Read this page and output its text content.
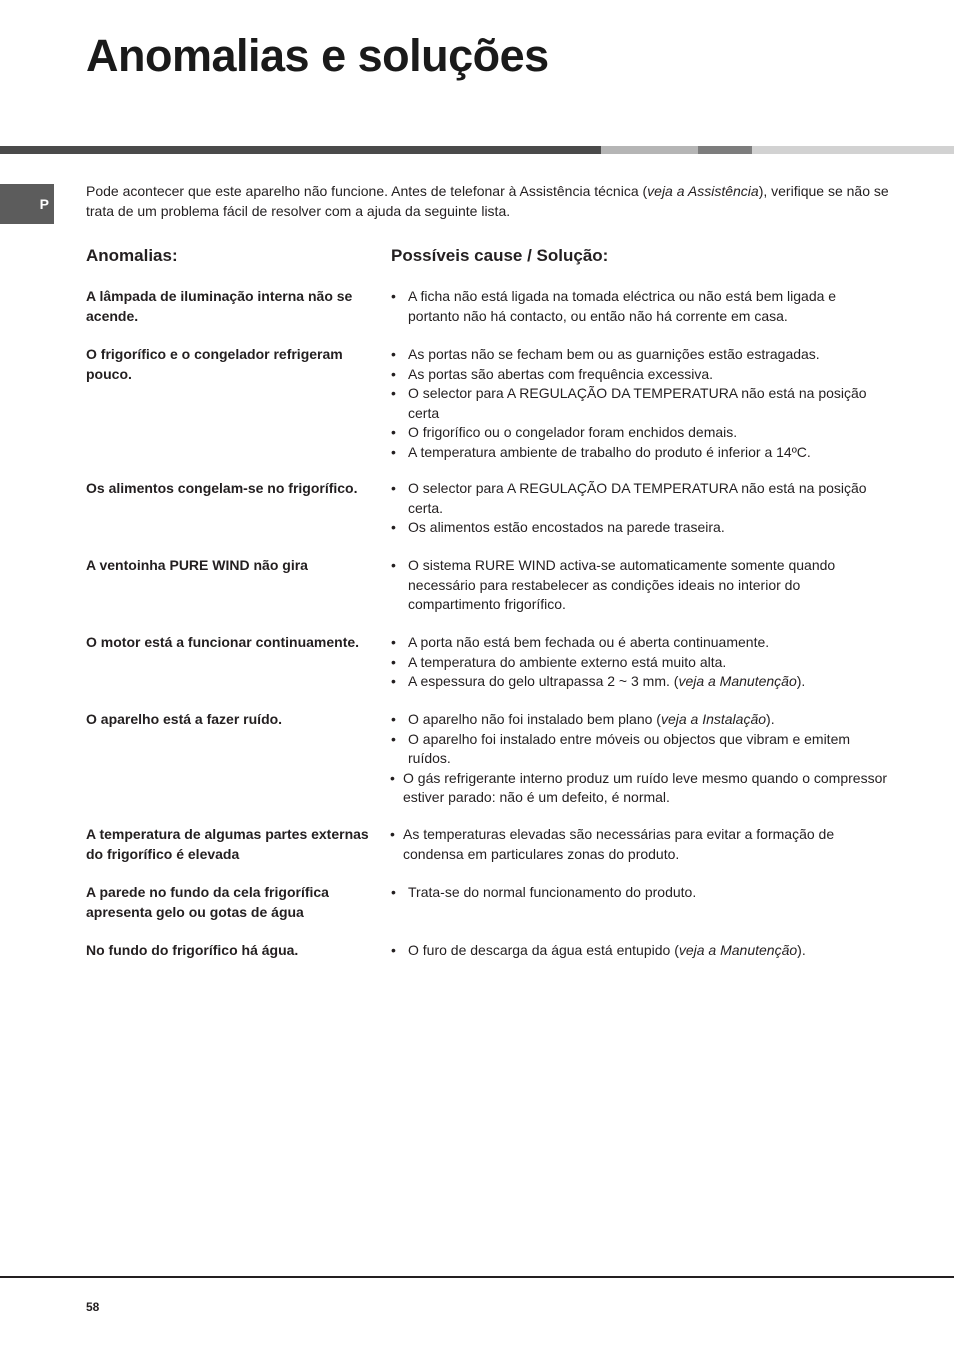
Anomalias e soluções
P

Pode acontecer que este aparelho não funcione. Antes de telefonar à Assistência técnica (veja a Assistência), verifique se não se trata de um problema fácil de resolver com a ajuda da seguinte lista.

Anomalias:	Possíveis cause / Solução:
A lâmpada de iluminação interna não se acende.
• A ficha não está ligada na tomada eléctrica ou não está bem ligada e portanto não há contacto, ou então não há corrente em casa.
O frigorífico e o congelador refrigeram pouco.
• As portas não se fecham bem ou as guarnições estão estragadas.
• As portas são abertas com frequência excessiva.
• O selector para A REGULAÇÃO DA TEMPERATURA não está na posição certa
• O frigorífico ou o congelador foram enchidos demais.
• A temperatura ambiente de trabalho do produto é inferior a 14ºC.
Os alimentos congelam-se no frigorífico.	• O selector para A REGULAÇÃO DA TEMPERATURA não está na posição certa.
• Os alimentos estão encostados na parede traseira.
A ventoinha PURE WIND não gira	• O sistema RURE WIND activa-se automaticamente somente quando necessário para restabelecer as condições ideais no interior do compartimento frigorífico.
O motor está a funcionar continuamente.	• A porta não está bem fechada ou é aberta continuamente.
• A temperatura do ambiente externo está muito alta.
• A espessura do gelo ultrapassa 2 ~ 3 mm. (veja a Manutenção).
O aparelho está a fazer ruído.	• O aparelho não foi instalado bem plano (veja a Instalação).
• O aparelho foi instalado entre móveis ou objectos que vibram e emitem ruídos.
• O gás refrigerante interno produz um ruído leve mesmo quando o compressor estiver parado: não é um defeito, é normal.
A temperatura de algumas partes externas do frigorífico é elevada
• As temperaturas elevadas são necessárias para evitar a formação de condensa em particulares zonas do produto.
A parede no fundo da cela frigorífica apresenta gelo ou gotas de água
• Trata-se do normal funcionamento do produto.
No fundo do frigorífico há água.	• O furo de descarga da água está entupido (veja a Manutenção).
58
